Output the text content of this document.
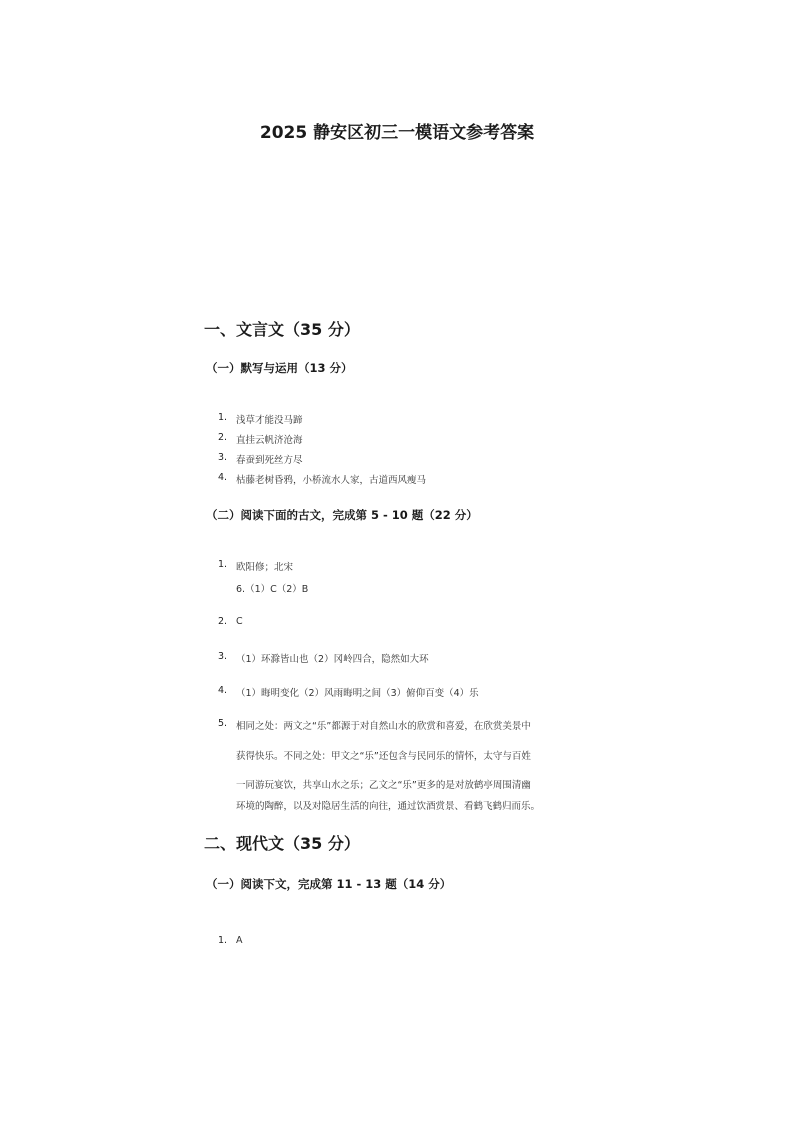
2025 静安区初三一模语文参考答案
一、文言文（35 分）
（一）默写与运用（13 分）
1. 浅草才能没马蹄
2. 直挂云帆济沧海
3. 春蚕到死丝方尽
4. 枯藤老树昏鸦，小桥流水人家，古道西风瘦马
（二）阅读下面的古文，完成第 5 - 10 题（22 分）
1. 欧阳修；北宋
6.（1）C（2）B
2. C
3. （1）环滁皆山也（2）冈岭四合，隐然如大环
4. （1）晦明变化（2）风雨晦明之间（3）俯仰百变（4）乐
5. 相同之处：两文之“乐”都源于对自然山水的欣赏和喜爱，在欣赏美景中
获得快乐。不同之处：甲文之“乐”还包含与民同乐的情怀，太守与百姓
一同游玩宴饮，共享山水之乐；乙文之“乐”更多的是对放鹤亭周围清幽
环境的陶醉，以及对隐居生活的向往，通过饮酒赏景、看鹤飞鹤归而乐。
二、现代文（35 分）
（一）阅读下文，完成第 11 - 13 题（14 分）
1. A
